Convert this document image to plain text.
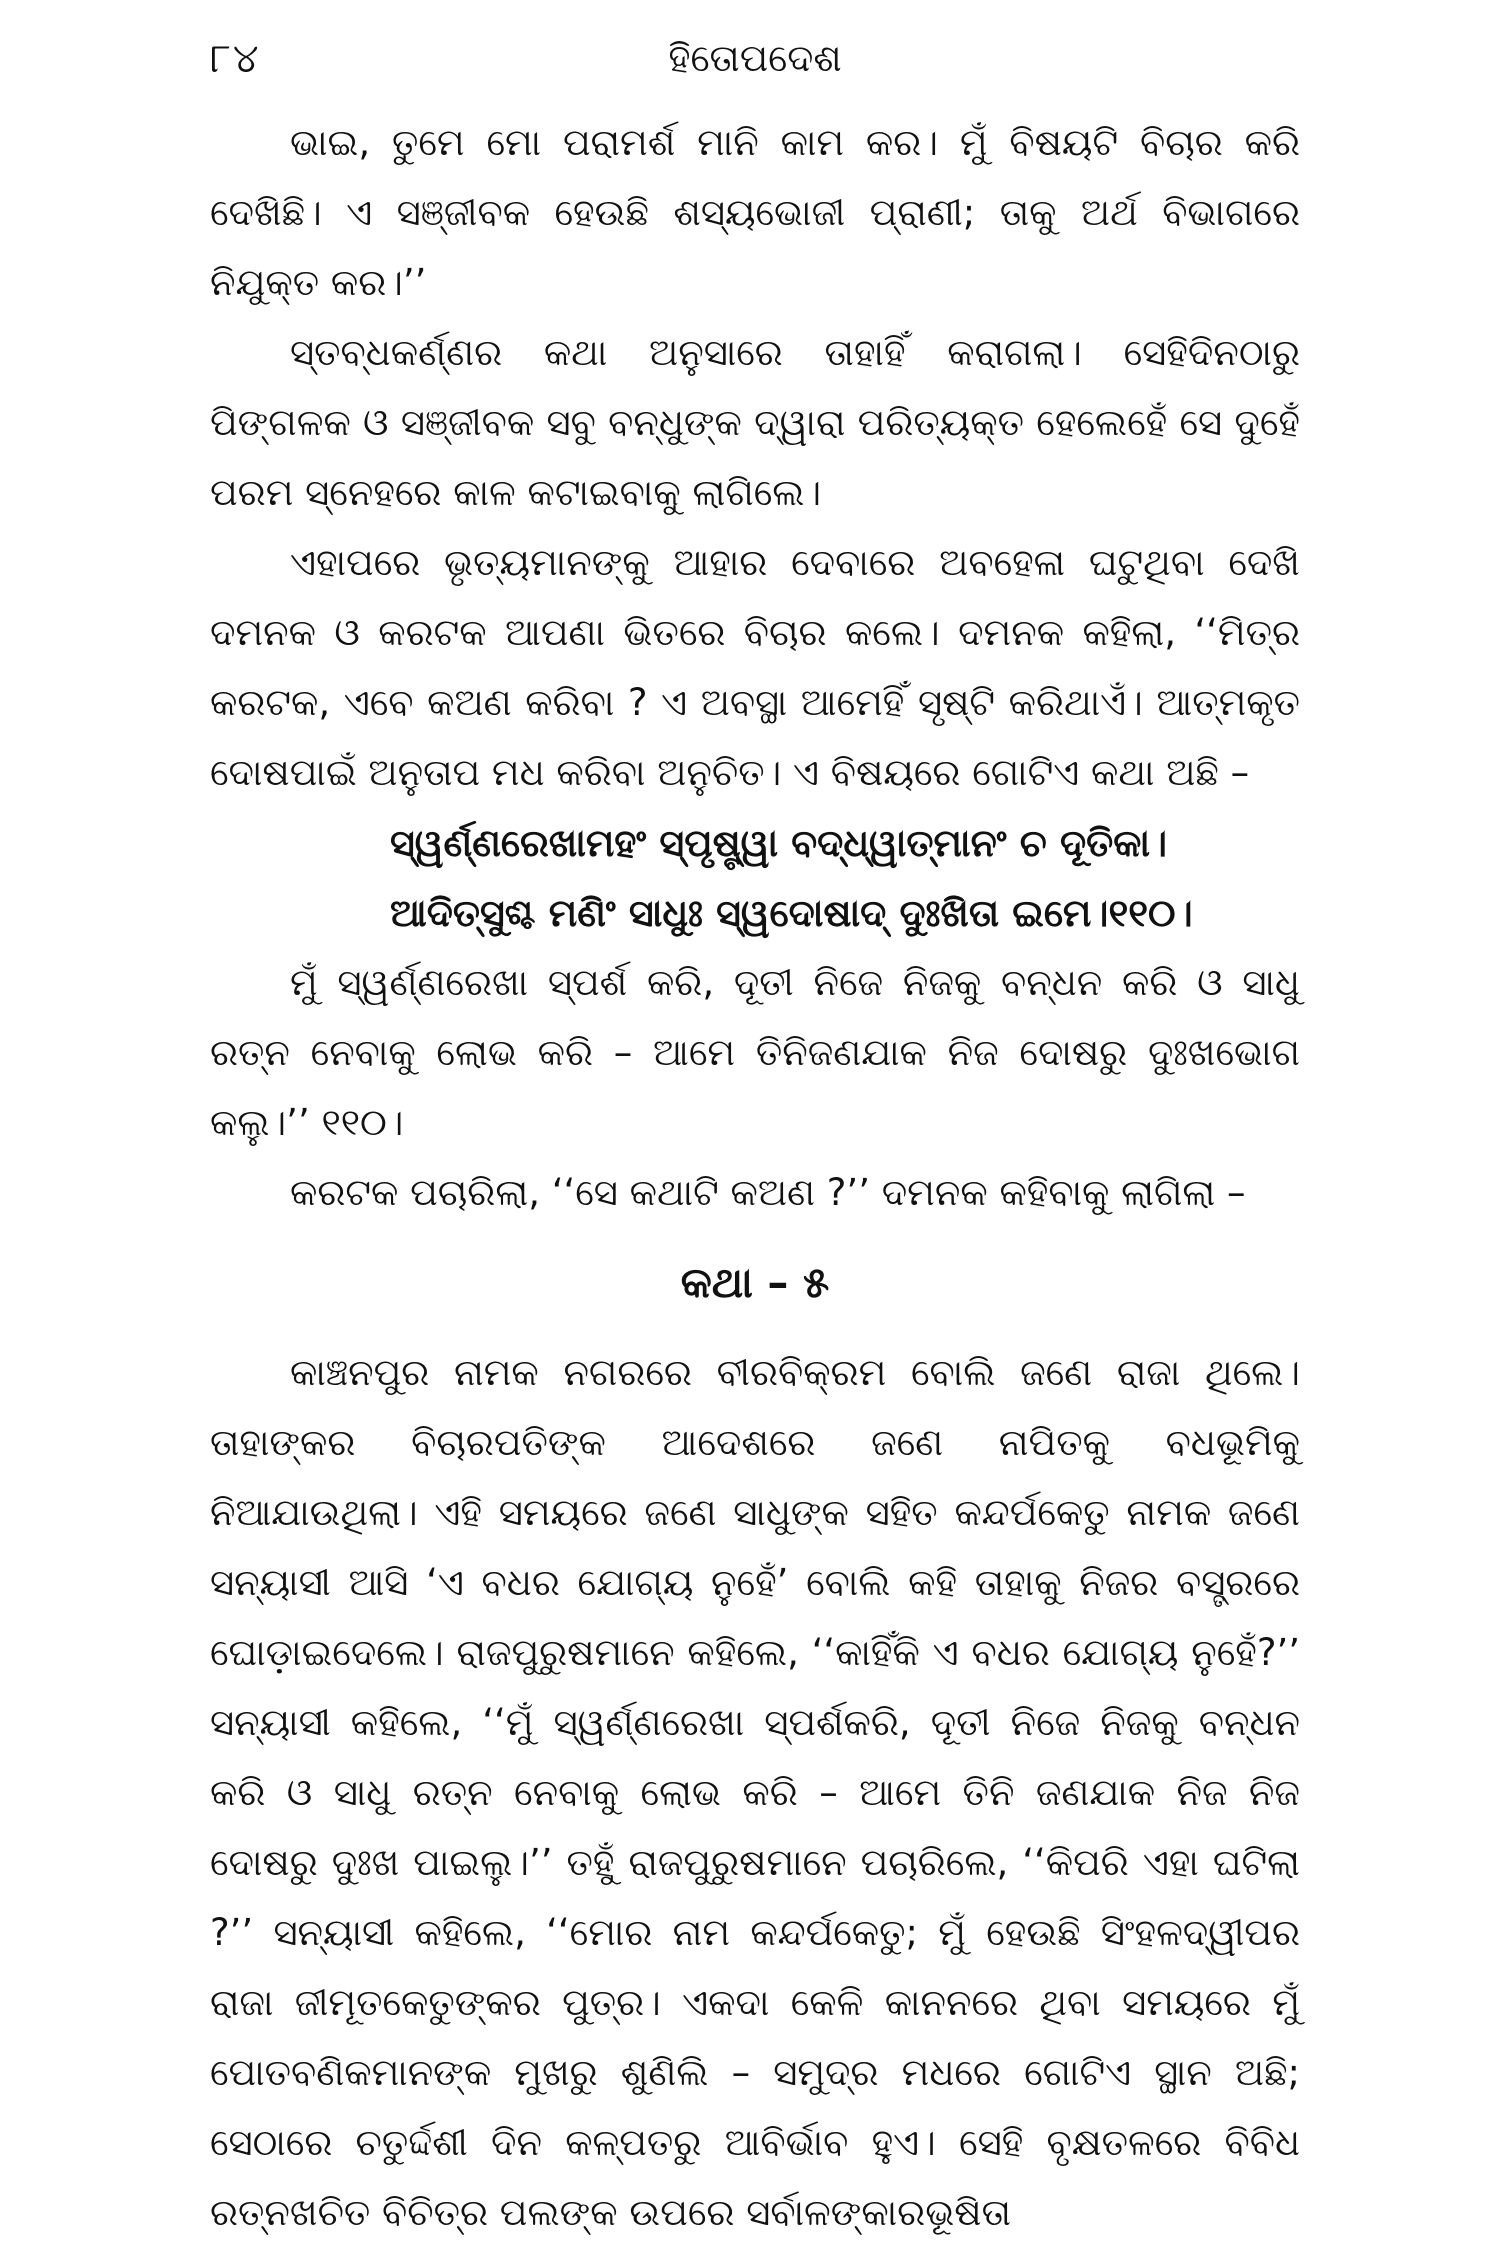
୮୪	ହିତୋପଦେଶ

ଭାଇ, ତୁମେ ମୋ ପରାମର୍ଶ ମାନି କାମ କର। ମୁଁ ବିଷୟଟି ବିଚାର କରି ଦେଖିଛି। ଏ ସଞ୍ଜୀବକ ହେଉଛି ଶସ୍ୟଭୋଜୀ ପ୍ରାଣୀ; ତାକୁ ଅର୍ଥ ବିଭାଗରେ ନିଯୁକ୍ତ କର।’’

ସ୍ତବ୍ଧକର୍ଣ୍ଣର କଥା ଅନୁସାରେ ତାହାହିଁ କରାଗଲା। ସେହିଦିନଠାରୁ ପିଙ୍ଗଳକ ଓ ସଞ୍ଜୀବକ ସବୁ ବନ୍ଧୁଙ୍କ ଦ୍ୱାରା ପରିତ୍ୟକ୍ତ ହେଲେହେଁ ସେ ଦୁହେଁ ପରମ ସ୍ନେହରେ କାଳ କଟାଇବାକୁ ଲାଗିଲେ।

ଏହାପରେ ଭୃତ୍ୟମାନଙ୍କୁ ଆହାର ଦେବାରେ ଅବହେଳା ଘଟୁଥିବା ଦେଖି ଦମନକ ଓ କରଟକ ଆପଣା ଭିତରେ ବିଚାର କଲେ। ଦମନକ କହିଲା, ‘‘ମିତ୍ର କରଟକ, ଏବେ କଅଣ କରିବା ? ଏ ଅବସ୍ଥା ଆମେହିଁ ସୃଷ୍ଟି କରିଥାଏଁ। ଆତ୍ମକୃତ ଦୋଷପାଇଁ ଅନୁତାପ ମଧ କରିବା ଅନୁଚିତ। ଏ ବିଷୟରେ ଗୋଟିଏ କଥା ଅଛି –

ସ୍ୱର୍ଣ୍ଣରେଖାମହଂ ସ୍ପୃଷ୍ଟ୍ୱା ବଦ୍‌ଧ୍ୱାତ୍ମାନଂ ଚ ଦୂତିକା।
ଆଦିତ୍‌ସୁଶ୍ଚ ମଣିଂ ସାଧୁଃ ସ୍ୱଦୋଷାଦ୍ ଦୁଃଖିତା ଇମେ।୧୧୦।

ମୁଁ ସ୍ୱର୍ଣ୍ଣରେଖା ସ୍ପର୍ଶ କରି, ଦୂତୀ ନିଜେ ନିଜକୁ ବନ୍ଧନ କରି ଓ ସାଧୁ ରତ୍ନ ନେବାକୁ ଲୋଭ କରି – ଆମେ ତିନିଜଣଯାକ ନିଜ ଦୋଷରୁ ଦୁଃଖଭୋଗ କଲୁ।’’ ୧୧୦।

କରଟକ ପଚାରିଲା, ‘‘ସେ କଥାଟି କଅଣ ?’’ ଦମନକ କହିବାକୁ ଲାଗିଲା –

କଥା – ୫

କାଞ୍ଚନପୁର ନାମକ ନଗରରେ ବୀରବିକ୍ରମ ବୋଲି ଜଣେ ରାଜା ଥିଲେ। ତାହାଙ୍କର ବିଚାରପତିଙ୍କ ଆଦେଶରେ ଜଣେ ନାପିତକୁ ବଧଭୂମିକୁ ନିଆଯାଉଥିଲା। ଏହି ସମୟରେ ଜଣେ ସାଧୁଙ୍କ ସହିତ କନ୍ଦର୍ପକେତୁ ନାମକ ଜଣେ ସନ୍ୟାସୀ ଆସି ‘ଏ ବଧର ଯୋଗ୍ୟ ନୁହେଁ’ ବୋଲି କହି ତାହାକୁ ନିଜର ବସ୍ତ୍ରରେ ଘୋଡ଼ାଇଦେଲେ। ରାଜପୁରୁଷମାନେ କହିଲେ, ‘‘କାହିଁକି ଏ ବଧର ଯୋଗ୍ୟ ନୁହେଁ?’’ ସନ୍ୟାସୀ କହିଲେ, ‘‘ମୁଁ ସ୍ୱର୍ଣ୍ଣରେଖା ସ୍ପର୍ଶକରି, ଦୂତୀ ନିଜେ ନିଜକୁ ବନ୍ଧନ କରି ଓ ସାଧୁ ରତ୍ନ ନେବାକୁ ଲୋଭ କରି – ଆମେ ତିନି ଜଣଯାକ ନିଜ ନିଜ ଦୋଷରୁ ଦୁଃଖ ପାଇଲୁ।’’ ତହୁଁ ରାଜପୁରୁଷମାନେ ପଚାରିଲେ, ‘‘କିପରି ଏହା ଘଟିଲା ?’’ ସନ୍ୟାସୀ କହିଲେ, ‘‘ମୋର ନାମ କନ୍ଦର୍ପକେତୁ; ମୁଁ ହେଉଛି ସିଂହଳଦ୍ୱୀପର ରାଜା ଜୀମୂତକେତୁଙ୍କର ପୁତ୍ର। ଏକଦା କେଳି କାନନରେ ଥିବା ସମୟରେ ମୁଁ ପୋତବଣିକମାନଙ୍କ ମୁଖରୁ ଶୁଣିଲି – ସମୁଦ୍ର ମଧରେ ଗୋଟିଏ ସ୍ଥାନ ଅଛି; ସେଠାରେ ଚତୁର୍ଦ୍ଦଶୀ ଦିନ କଳ୍ପତରୁ ଆବିର୍ଭାବ ହୁଏ। ସେହି ବୃକ୍ଷତଳରେ ବିବିଧ ରତ୍ନଖଚିତ ବିଚିତ୍ର ପଲଙ୍କ ଉପରେ ସର୍ବାଳଙ୍କାରଭୂଷିତା
